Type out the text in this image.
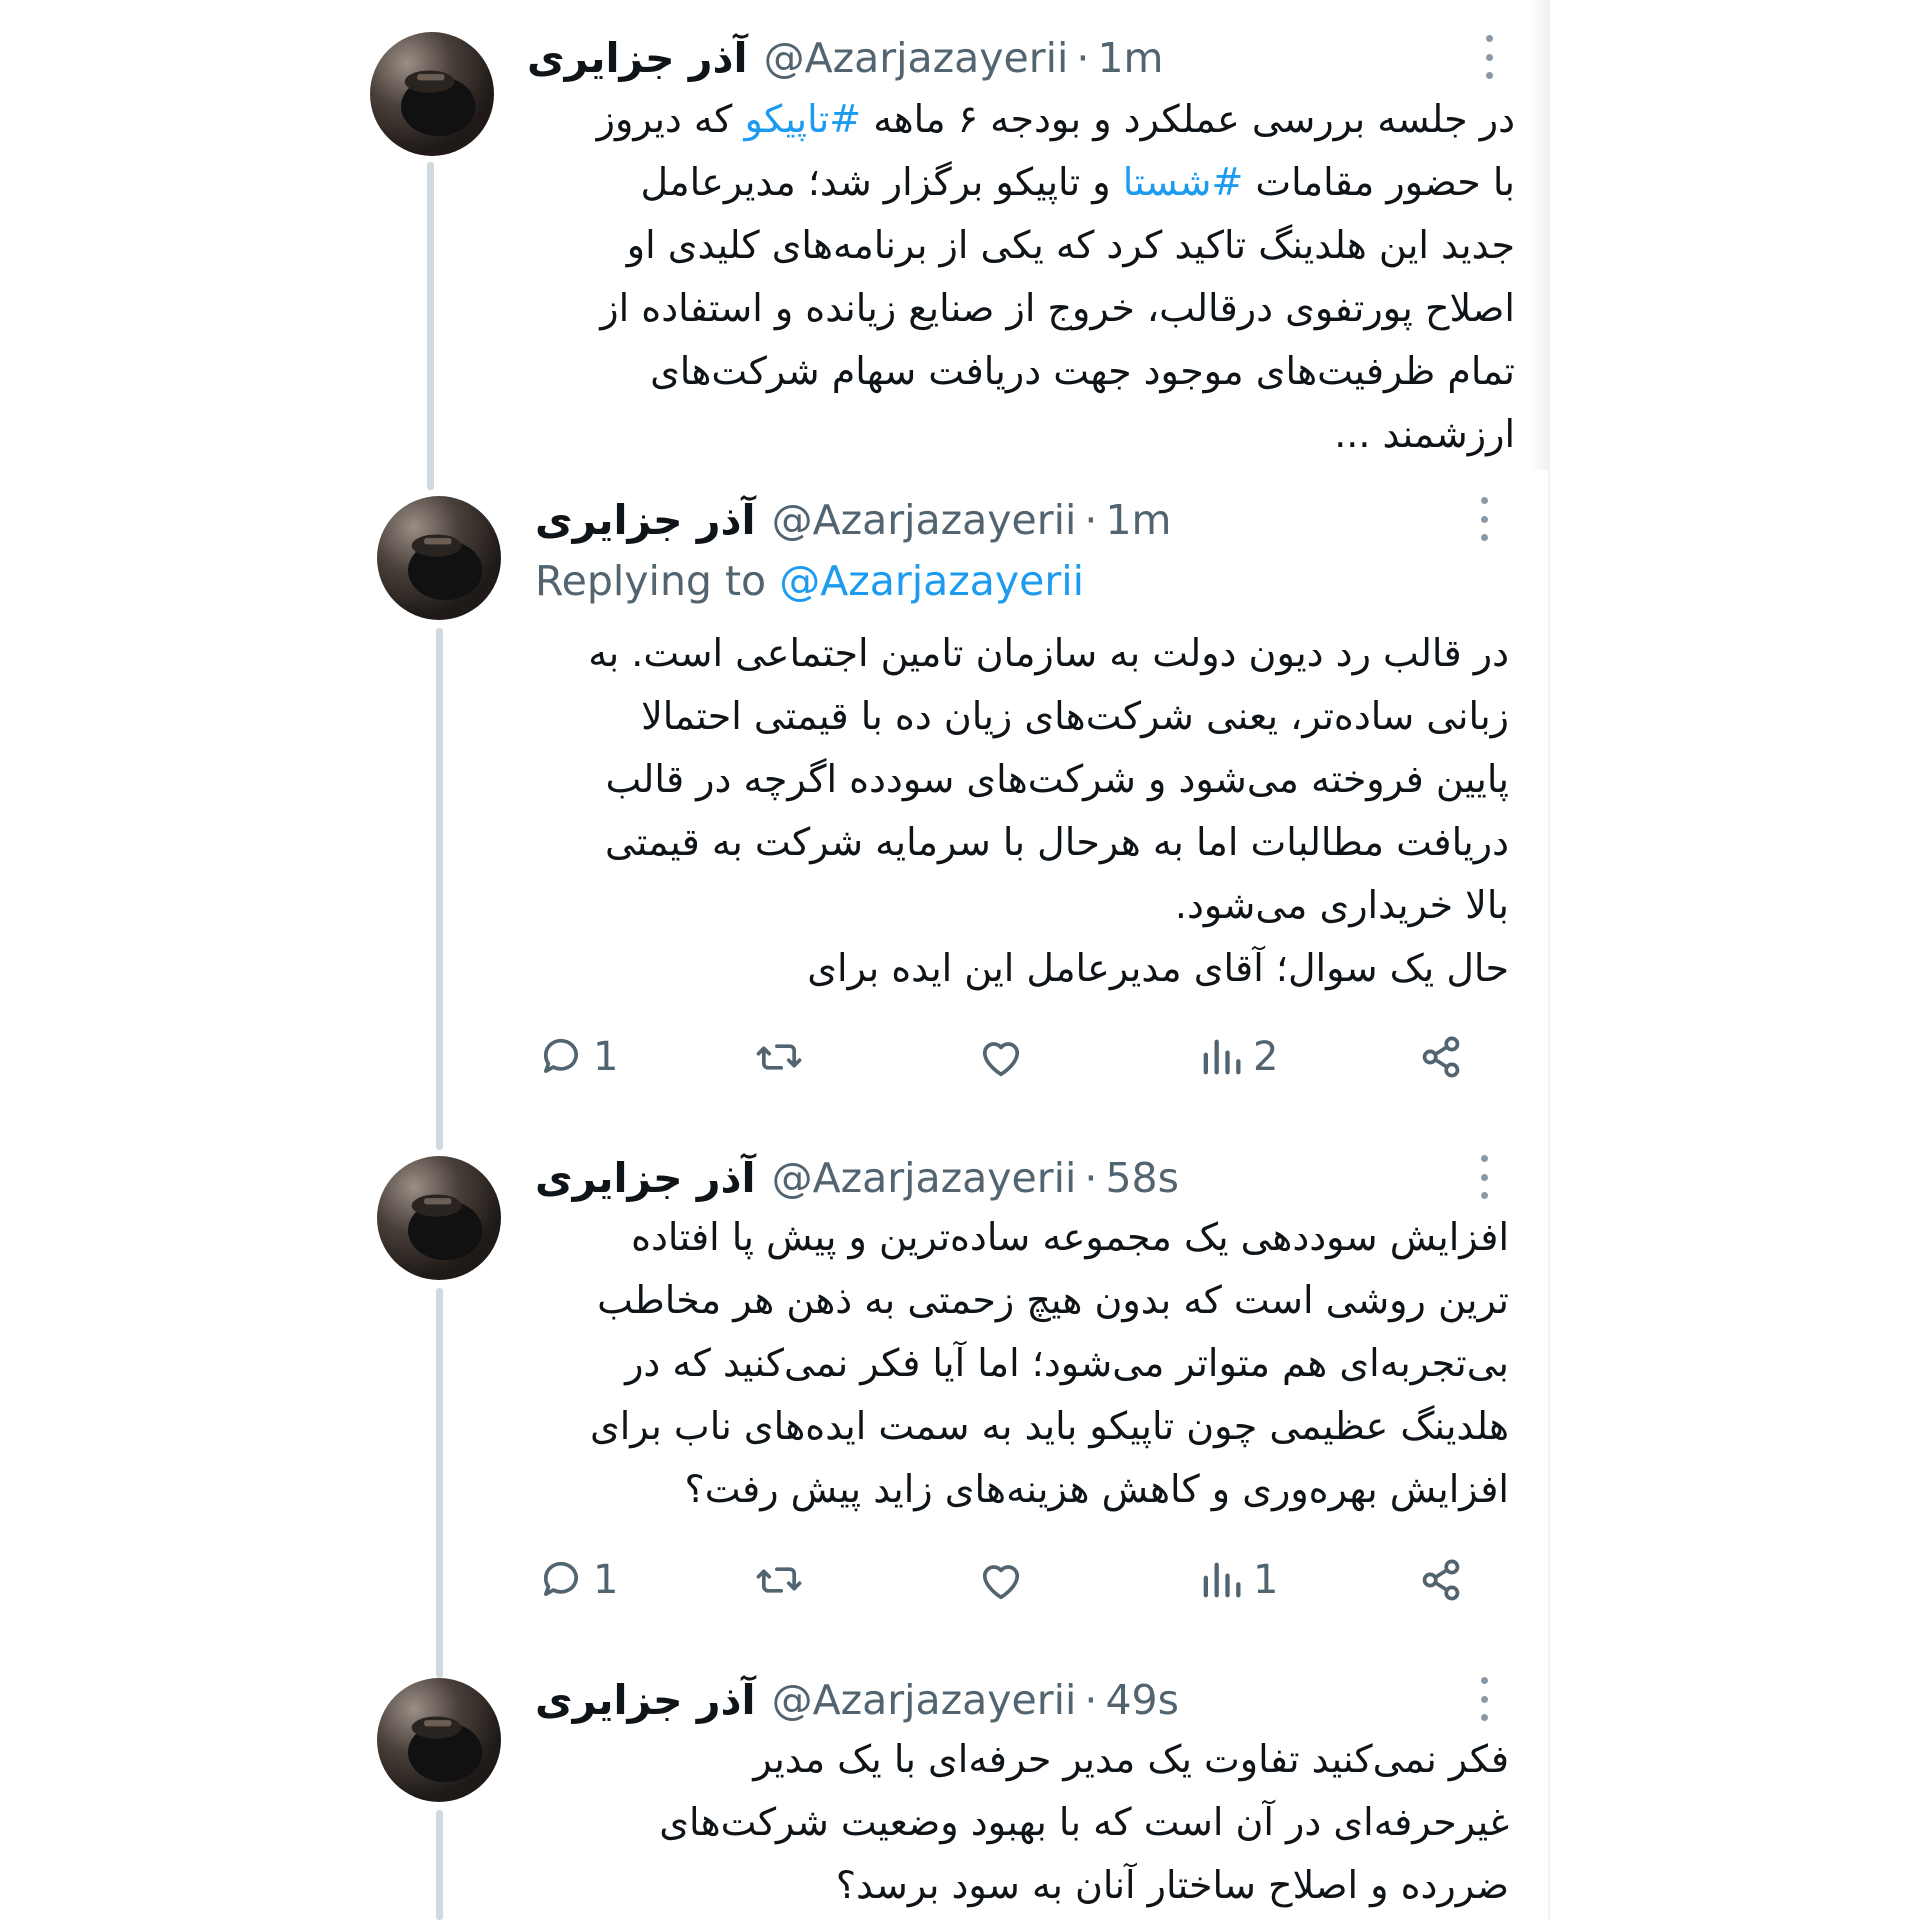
آذر جزایری @Azarjazayerii · 1m
در جلسه بررسی عملکرد و بودجه ۶ ماهه #تاپیکو که دیروز
با حضور مقامات #شستا و تاپیکو برگزار شد؛ مدیرعامل
جدید این هلدینگ تاکید کرد که یکی از برنامه‌های کلیدی او
اصلاح پورتفوی درقالب، خروج از صنایع زیانده و استفاده از
تمام ظرفیت‌های موجود جهت دریافت سهام شرکت‌های
ارزشمند ...
آذر جزایری @Azarjazayerii · 1m
Replying to @Azarjazayerii
در قالب رد دیون دولت به سازمان تامین اجتماعی است. به
زبانی ساده‌تر، یعنی شرکت‌های زیان ده با قیمتی احتمالا
پایین فروخته می‌شود و شرکت‌های سودده اگرچه در قالب
دریافت مطالبات اما به هرحال با سرمایه شرکت به قیمتی
بالا خریداری می‌شود.
حال یک سوال؛ آقای مدیرعامل این ایده برای
1	2
آذر جزایری @Azarjazayerii · 58s
افزایش سوددهی یک مجموعه ساده‌ترین و پیش پا افتاده
ترین روشی است که بدون هیچ زحمتی به ذهن هر مخاطب
بی‌تجربه‌ای هم متواتر می‌شود؛ اما آیا فکر نمی‌کنید که در
هلدینگ عظیمی چون تاپیکو باید به سمت ایده‌های ناب برای
افزایش بهره‌وری و کاهش هزینه‌های زاید پیش رفت؟
1	1
آذر جزایری @Azarjazayerii · 49s
فکر نمی‌کنید تفاوت یک مدیر حرفه‌ای با یک مدیر
غیرحرفه‌ای در آن است که با بهبود وضعیت شرکت‌های
ضررده و اصلاح ساختار آنان به سود برسد؟
